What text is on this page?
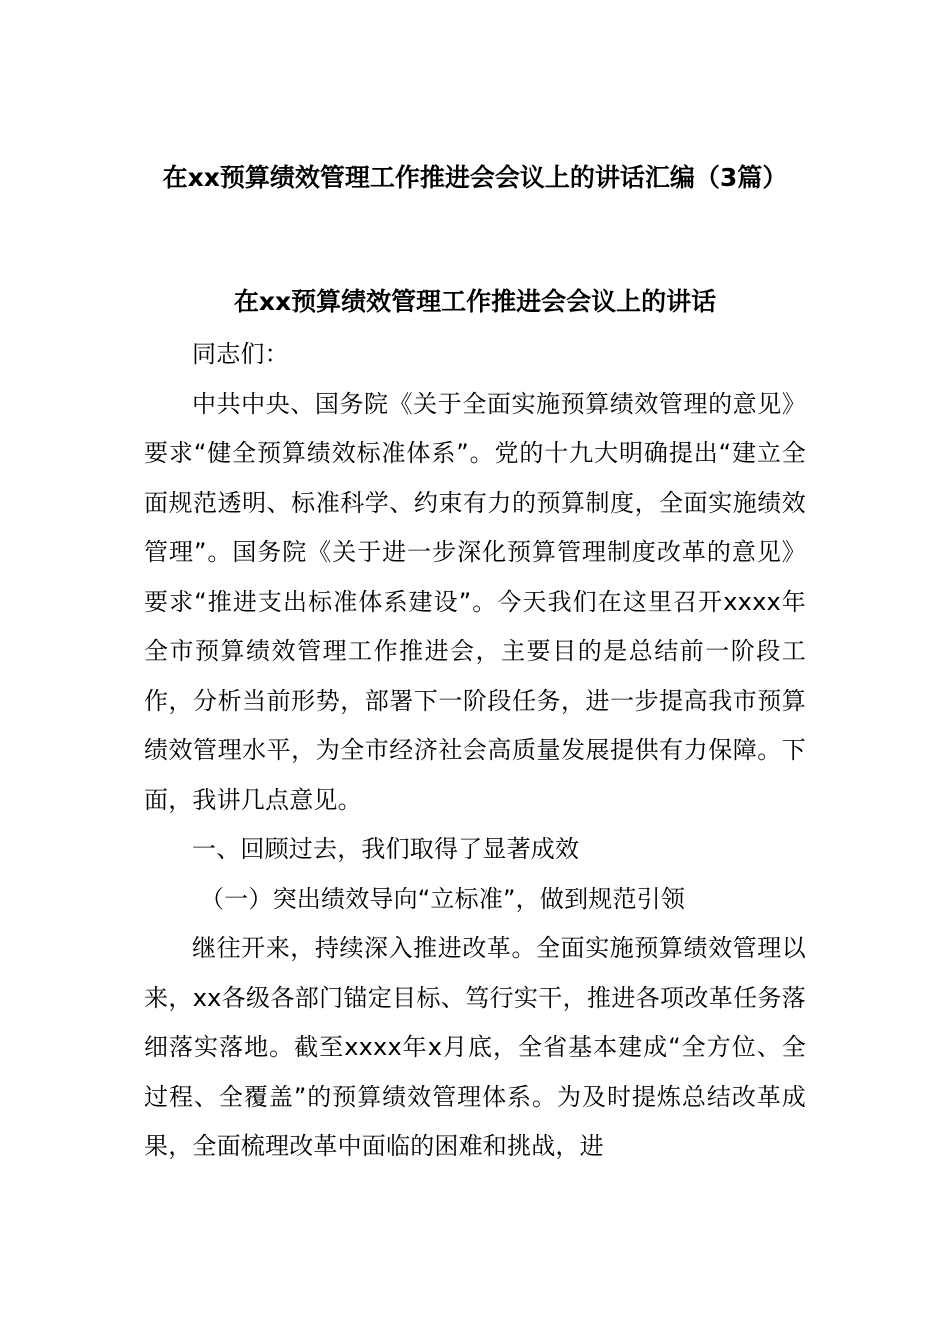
在xx预算绩效管理工作推进会会议上的讲话汇编（3篇）
在xx预算绩效管理工作推进会会议上的讲话

同志们：

中共中央、国务院《关于全面实施预算绩效管理的意见》要求“健全预算绩效标准体系”。党的十九大明确提出“建立全面规范透明、标准科学、约束有力的预算制度，全面实施绩效管理”。国务院《关于进一步深化预算管理制度改革的意见》要求“推进支出标准体系建设”。今天我们在这里召开xxxx年全市预算绩效管理工作推进会，主要目的是总结前一阶段工作，分析当前形势，部署下一阶段任务，进一步提高我市预算绩效管理水平，为全市经济社会高质量发展提供有力保障。下面，我讲几点意见。

一、回顾过去，我们取得了显著成效

（一）突出绩效导向“立标准”，做到规范引领

继往开来，持续深入推进改革。全面实施预算绩效管理以来，xx各级各部门锚定目标、笃行实干，推进各项改革任务落细落实落地。截至xxxx年x月底，全省基本建成“全方位、全过程、全覆盖”的预算绩效管理体系。为及时提炼总结改革成果，全面梳理改革中面临的困难和挑战，进
